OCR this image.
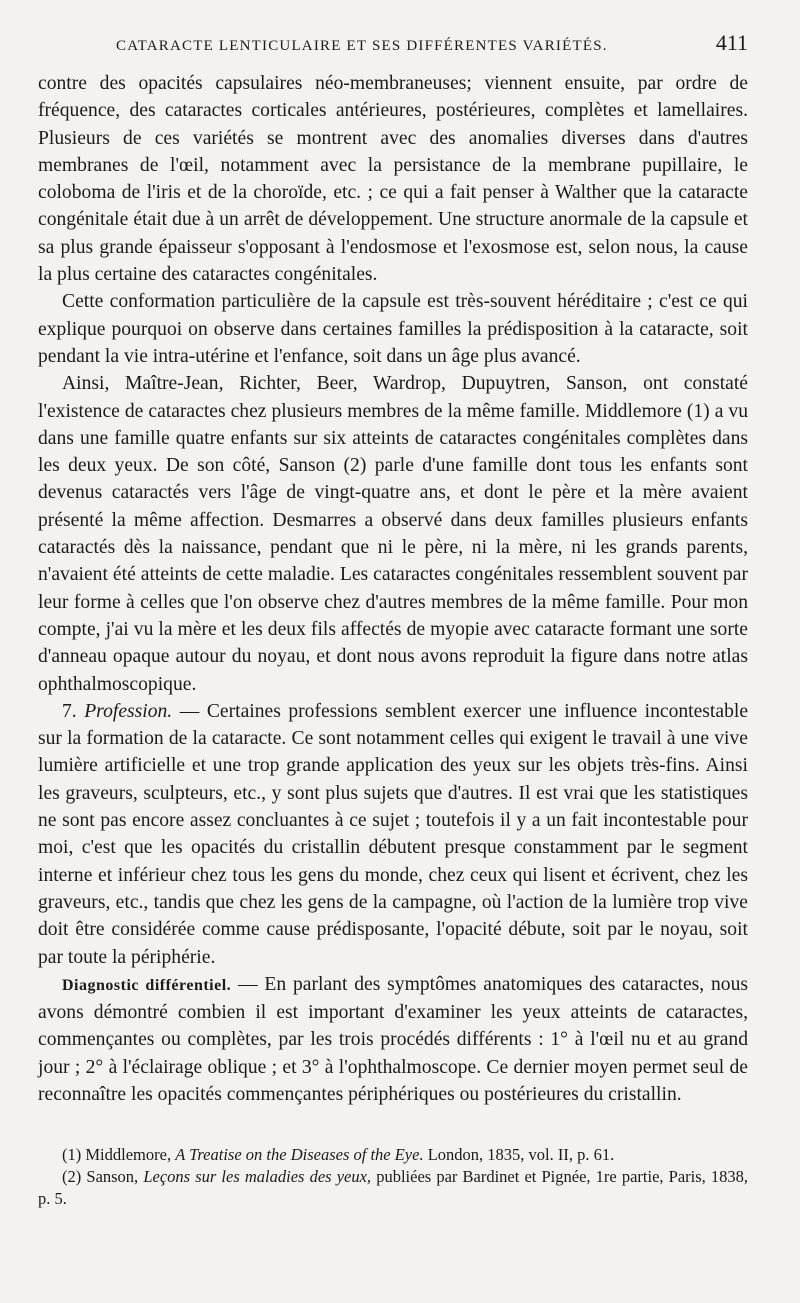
CATARACTE LENTICULAIRE ET SES DIFFÉRENTES VARIÉTÉS.	411

contre des opacités capsulaires néo-membraneuses; viennent ensuite, par ordre de fréquence, des cataractes corticales antérieures, postérieures, complètes et lamellaires. Plusieurs de ces variétés se montrent avec des anomalies diverses dans d'autres membranes de l'œil, notamment avec la persistance de la membrane pupillaire, le coloboma de l'iris et de la choroïde, etc. ; ce qui a fait penser à Walther que la cataracte congénitale était due à un arrêt de développement. Une structure anormale de la capsule et sa plus grande épaisseur s'opposant à l'endosmose et l'exosmose est, selon nous, la cause la plus certaine des cataractes congénitales.

Cette conformation particulière de la capsule est très-souvent héréditaire ; c'est ce qui explique pourquoi on observe dans certaines familles la prédisposition à la cataracte, soit pendant la vie intra-utérine et l'enfance, soit dans un âge plus avancé.

Ainsi, Maître-Jean, Richter, Beer, Wardrop, Dupuytren, Sanson, ont constaté l'existence de cataractes chez plusieurs membres de la même famille. Middlemore (1) a vu dans une famille quatre enfants sur six atteints de cataractes congénitales complètes dans les deux yeux. De son côté, Sanson (2) parle d'une famille dont tous les enfants sont devenus cataractés vers l'âge de vingt-quatre ans, et dont le père et la mère avaient présenté la même affection. Desmarres a observé dans deux familles plusieurs enfants cataractés dès la naissance, pendant que ni le père, ni la mère, ni les grands parents, n'avaient été atteints de cette maladie. Les cataractes congénitales ressemblent souvent par leur forme à celles que l'on observe chez d'autres membres de la même famille. Pour mon compte, j'ai vu la mère et les deux fils affectés de myopie avec cataracte formant une sorte d'anneau opaque autour du noyau, et dont nous avons reproduit la figure dans notre atlas ophthalmoscopique.

7. Profession. — Certaines professions semblent exercer une influence incontestable sur la formation de la cataracte. Ce sont notamment celles qui exigent le travail à une vive lumière artificielle et une trop grande application des yeux sur les objets très-fins. Ainsi les graveurs, sculpteurs, etc., y sont plus sujets que d'autres. Il est vrai que les statistiques ne sont pas encore assez concluantes à ce sujet ; toutefois il y a un fait incontestable pour moi, c'est que les opacités du cristallin débutent presque constamment par le segment interne et inférieur chez tous les gens du monde, chez ceux qui lisent et écrivent, chez les graveurs, etc., tandis que chez les gens de la campagne, où l'action de la lumière trop vive doit être considérée comme cause prédisposante, l'opacité débute, soit par le noyau, soit par toute la périphérie.

Diagnostic différentiel. — En parlant des symptômes anatomiques des cataractes, nous avons démontré combien il est important d'examiner les yeux atteints de cataractes, commençantes ou complètes, par les trois procédés différents : 1° à l'œil nu et au grand jour ; 2° à l'éclairage oblique ; et 3° à l'ophthalmoscope. Ce dernier moyen permet seul de reconnaître les opacités commençantes périphériques ou postérieures du cristallin.

(1) Middlemore, A Treatise on the Diseases of the Eye. London, 1835, vol. II, p. 61.

(2) Sanson, Leçons sur les maladies des yeux, publiées par Bardinet et Pignée, 1re partie, Paris, 1838, p. 5.
